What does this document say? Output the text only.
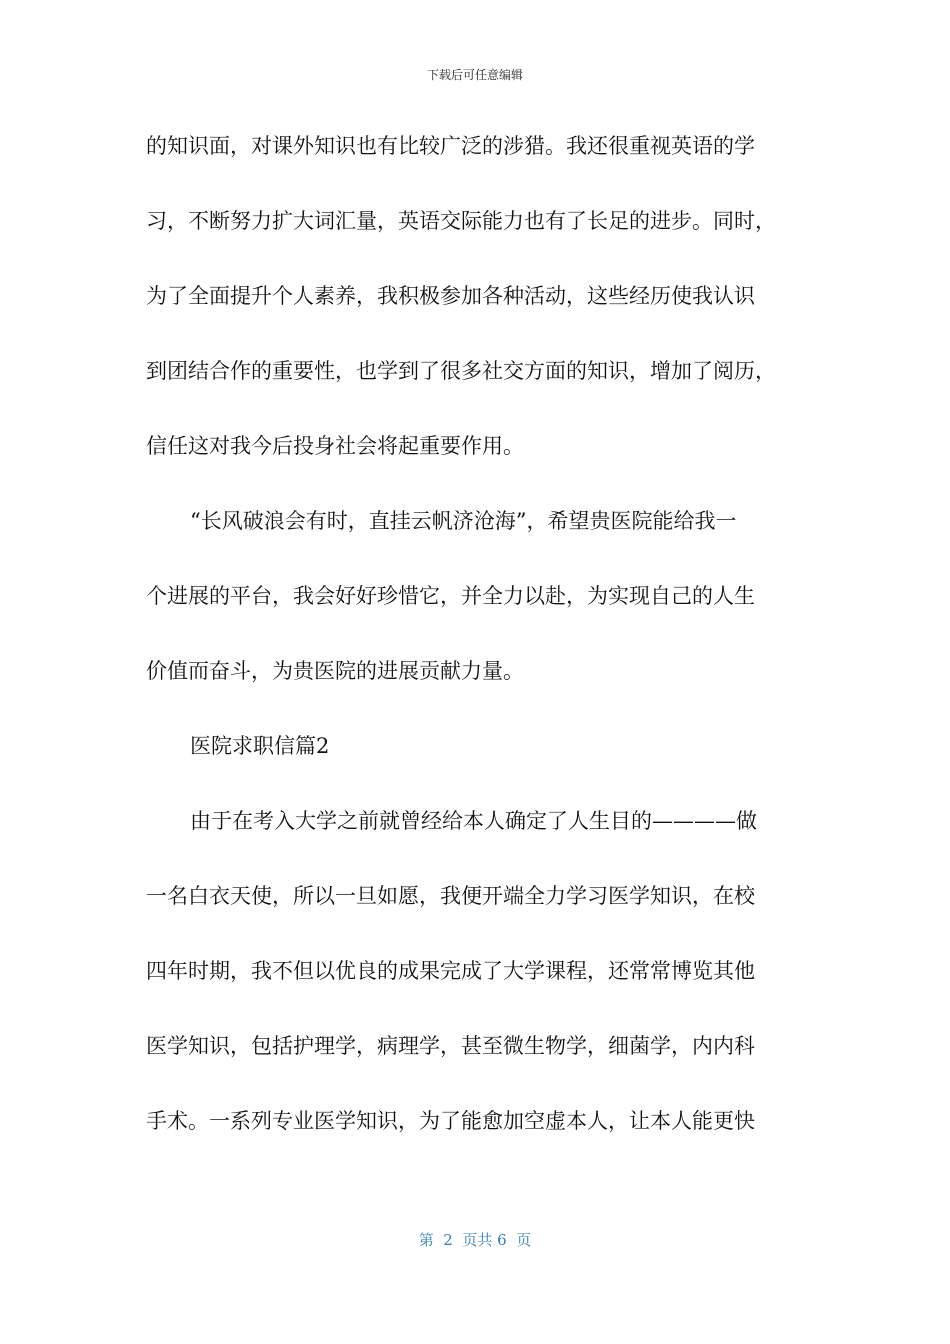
下载后可任意编辑
的知识面，对课外知识也有比较广泛的涉猎。我还很重视英语的学
习，不断努力扩大词汇量，英语交际能力也有了长足的进步。同时，
为了全面提升个人素养，我积极参加各种活动，这些经历使我认识
到团结合作的重要性，也学到了很多社交方面的知识，增加了阅历，
信任这对我今后投身社会将起重要作用。
“长风破浪会有时，直挂云帆济沧海”，希望贵医院能给我一
个进展的平台，我会好好珍惜它，并全力以赴，为实现自己的人生
价值而奋斗，为贵医院的进展贡献力量。
医院求职信篇2
由于在考入大学之前就曾经给本人确定了人生目的————做
一名白衣天使，所以一旦如愿，我便开端全力学习医学知识，在校
四年时期，我不但以优良的成果完成了大学课程，还常常博览其他
医学知识，包括护理学，病理学，甚至微生物学，细菌学，内内科
手术。一系列专业医学知识，为了能愈加空虚本人，让本人能更快
第  2  页共 6  页
